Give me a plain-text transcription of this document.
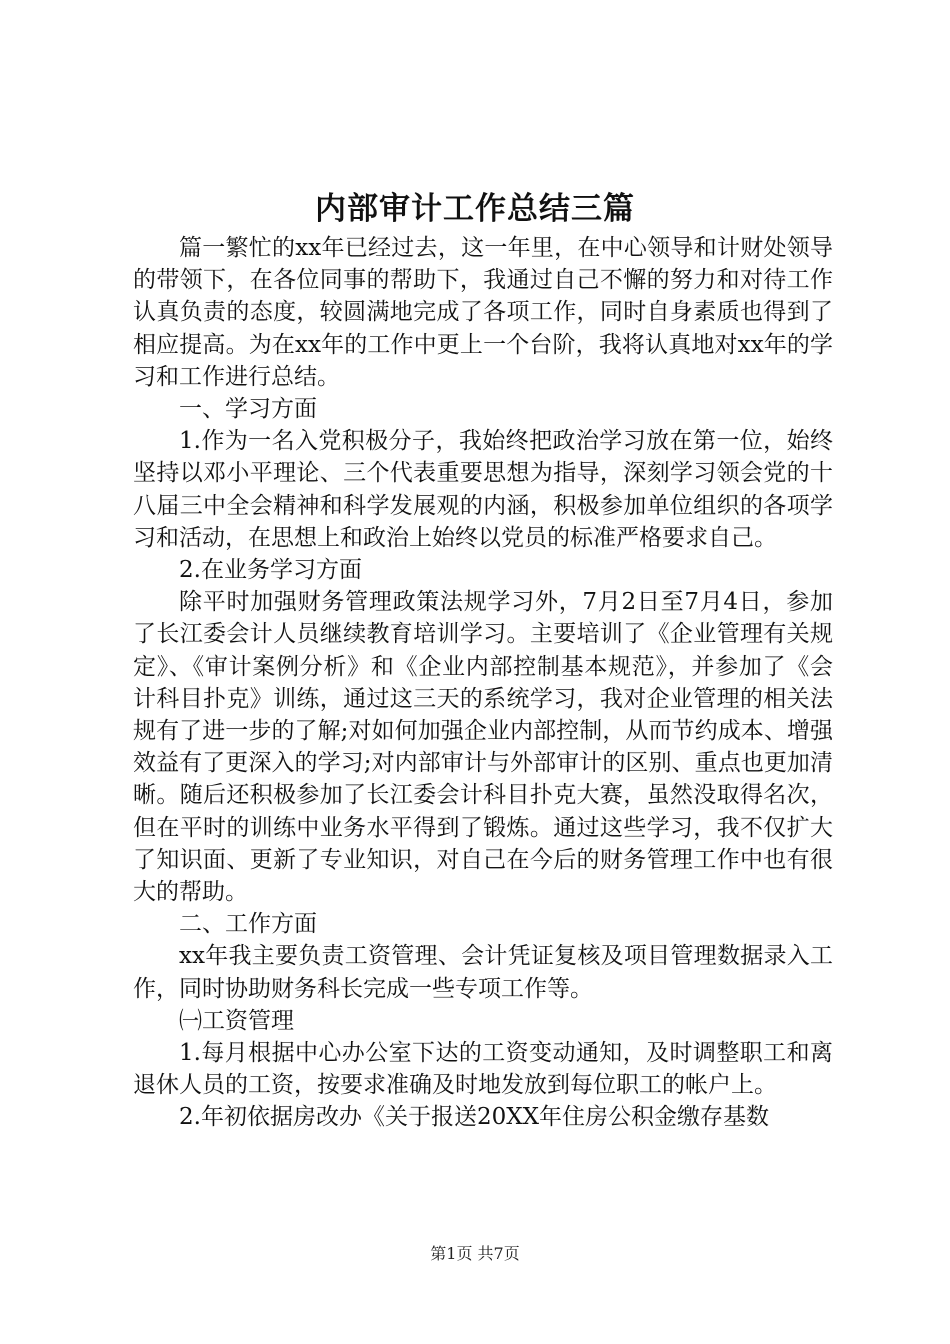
内部审计工作总结三篇

篇一繁忙的xx年已经过去，这一年里，在中心领导和计财处领导的带领下，在各位同事的帮助下，我通过自己不懈的努力和对待工作认真负责的态度，较圆满地完成了各项工作，同时自身素质也得到了相应提高。为在xx年的工作中更上一个台阶，我将认真地对xx年的学习和工作进行总结。

一、学习方面

1.作为一名入党积极分子，我始终把政治学习放在第一位，始终坚持以邓小平理论、三个代表重要思想为指导，深刻学习领会党的十八届三中全会精神和科学发展观的内涵，积极参加单位组织的各项学习和活动，在思想上和政治上始终以党员的标准严格要求自己。

2.在业务学习方面

除平时加强财务管理政策法规学习外，7月2日至7月4日，参加了长江委会计人员继续教育培训学习。主要培训了《企业管理有关规定》、《审计案例分析》和《企业内部控制基本规范》，并参加了《会计科目扑克》训练，通过这三天的系统学习，我对企业管理的相关法规有了进一步的了解;对如何加强企业内部控制，从而节约成本、增强效益有了更深入的学习;对内部审计与外部审计的区别、重点也更加清晰。随后还积极参加了长江委会计科目扑克大赛，虽然没取得名次，但在平时的训练中业务水平得到了锻炼。通过这些学习，我不仅扩大了知识面、更新了专业知识，对自己在今后的财务管理工作中也有很大的帮助。

二、工作方面

xx年我主要负责工资管理、会计凭证复核及项目管理数据录入工作，同时协助财务科长完成一些专项工作等。

㈠工资管理

1.每月根据中心办公室下达的工资变动通知，及时调整职工和离退休人员的工资，按要求准确及时地发放到每位职工的帐户上。

2.年初依据房改办《关于报送20XX年住房公积金缴存基数

第1页 共7页
